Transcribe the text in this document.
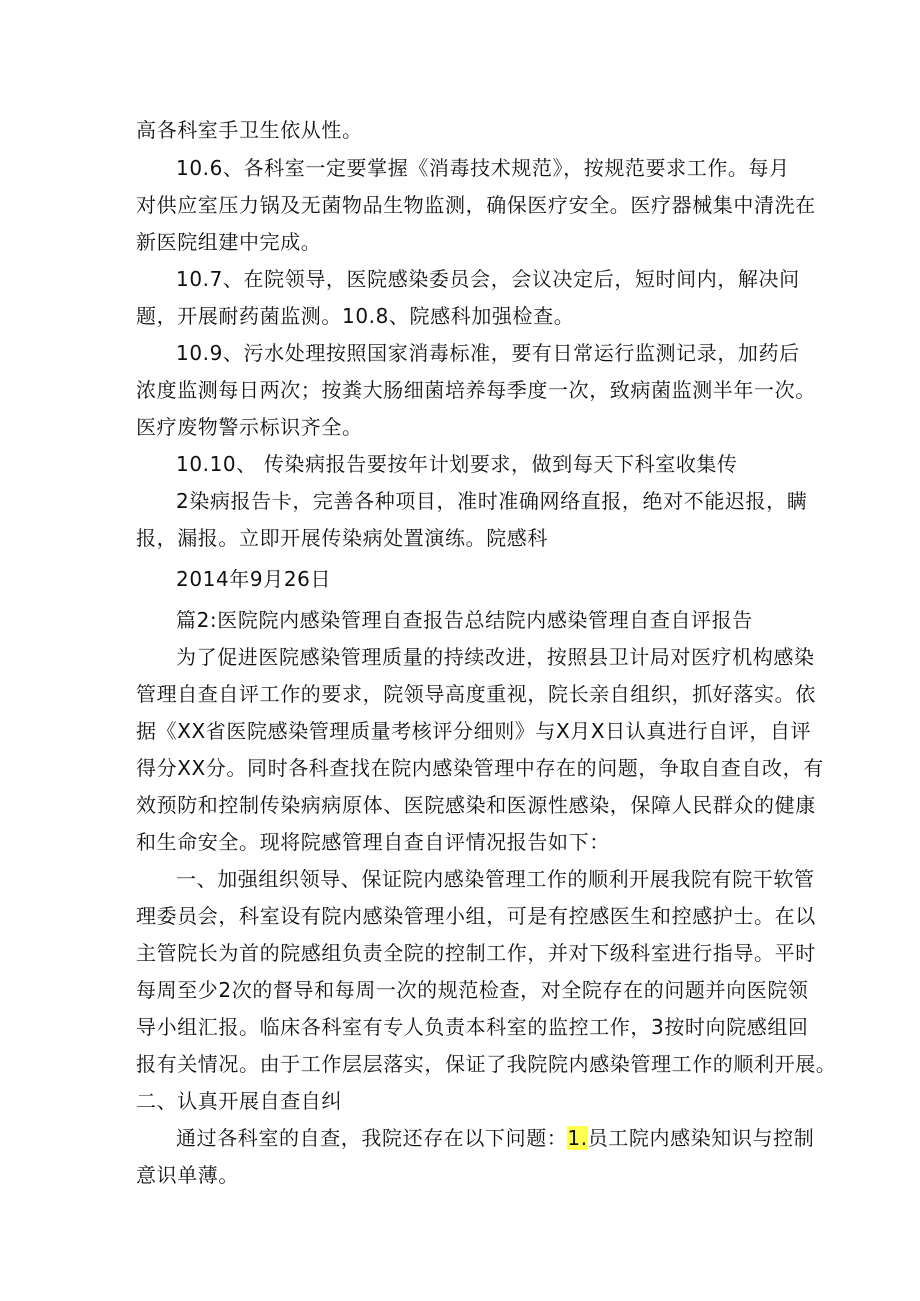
高各科室手卫生依从性。
10.6、各科室一定要掌握《消毒技术规范》，按规范要求工作。每月
对供应室压力锅及无菌物品生物监测，确保医疗安全。医疗器械集中清洗在
新医院组建中完成。
10.7、在院领导，医院感染委员会，会议决定后，短时间内，解决问
题，开展耐药菌监测。10.8、院感科加强检查。
10.9、污水处理按照国家消毒标准，要有日常运行监测记录，加药后
浓度监测每日两次；按粪大肠细菌培养每季度一次，致病菌监测半年一次。
医疗废物警示标识齐全。
10.10、 传染病报告要按年计划要求，做到每天下科室收集传
2染病报告卡，完善各种项目，准时准确网络直报，绝对不能迟报，瞒
报，漏报。立即开展传染病处置演练。院感科
2014年9月26日
篇2:医院院内感染管理自查报告总结院内感染管理自查自评报告
为了促进医院感染管理质量的持续改进，按照县卫计局对医疗机构感染
管理自查自评工作的要求，院领导高度重视，院长亲自组织，抓好落实。依
据《XX省医院感染管理质量考核评分细则》与X月X日认真进行自评，自评
得分XX分。同时各科查找在院内感染管理中存在的问题，争取自查自改，有
效预防和控制传染病病原体、医院感染和医源性感染，保障人民群众的健康
和生命安全。现将院感管理自查自评情况报告如下：
一、加强组织领导、保证院内感染管理工作的顺利开展我院有院干软管
理委员会，科室设有院内感染管理小组，可是有控感医生和控感护士。在以
主管院长为首的院感组负责全院的控制工作，并对下级科室进行指导。平时
每周至少2次的督导和每周一次的规范检查，对全院存在的问题并向医院领
导小组汇报。临床各科室有专人负责本科室的监控工作，3按时向院感组回
报有关情况。由于工作层层落实，保证了我院院内感染管理工作的顺利开展。
二、认真开展自查自纠
通过各科室的自查，我院还存在以下问题：1.员工院内感染知识与控制
意识单薄。
